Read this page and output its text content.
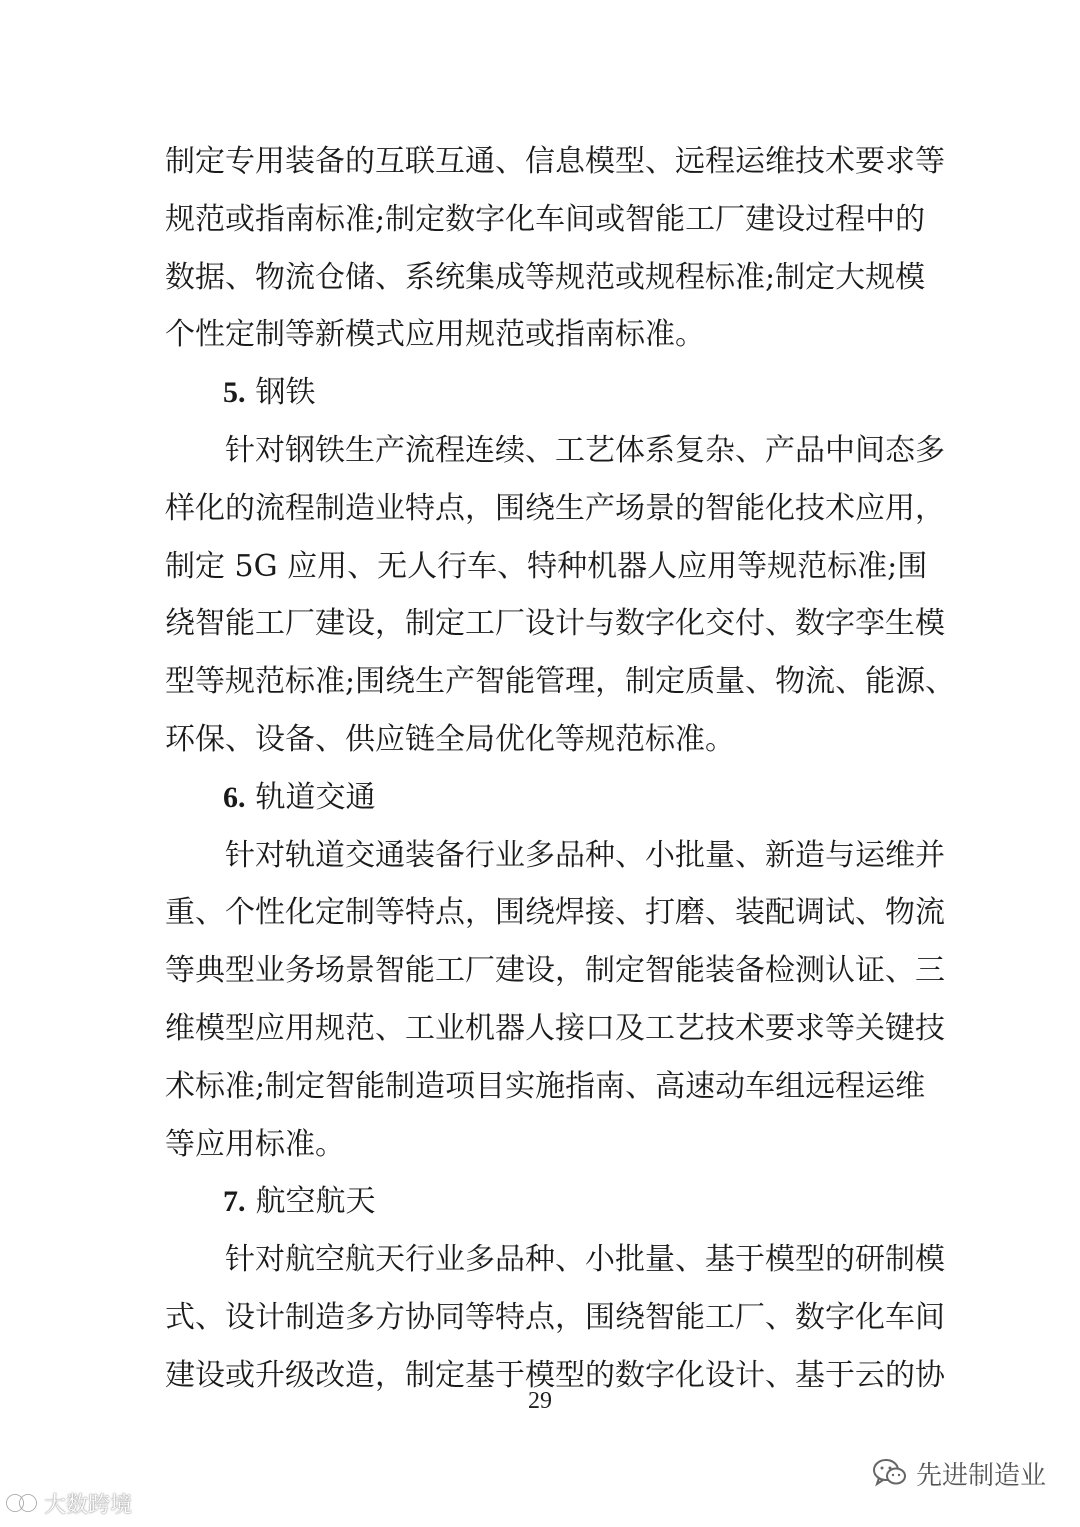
制定专用装备的互联互通、信息模型、远程运维技术要求等
规范或指南标准;制定数字化车间或智能工厂建设过程中的
数据、物流仓储、系统集成等规范或规程标准;制定大规模
个性定制等新模式应用规范或指南标准。
5. 钢铁
针对钢铁生产流程连续、工艺体系复杂、产品中间态多
样化的流程制造业特点，围绕生产场景的智能化技术应用，
制定 5G 应用、无人行车、特种机器人应用等规范标准;围
绕智能工厂建设，制定工厂设计与数字化交付、数字孪生模
型等规范标准;围绕生产智能管理，制定质量、物流、能源、
环保、设备、供应链全局优化等规范标准。
6. 轨道交通
针对轨道交通装备行业多品种、小批量、新造与运维并
重、个性化定制等特点，围绕焊接、打磨、装配调试、物流
等典型业务场景智能工厂建设，制定智能装备检测认证、三
维模型应用规范、工业机器人接口及工艺技术要求等关键技
术标准;制定智能制造项目实施指南、高速动车组远程运维
等应用标准。
7. 航空航天
针对航空航天行业多品种、小批量、基于模型的研制模
式、设计制造多方协同等特点，围绕智能工厂、数字化车间
建设或升级改造，制定基于模型的数字化设计、基于云的协
29
大数跨境
先进制造业
